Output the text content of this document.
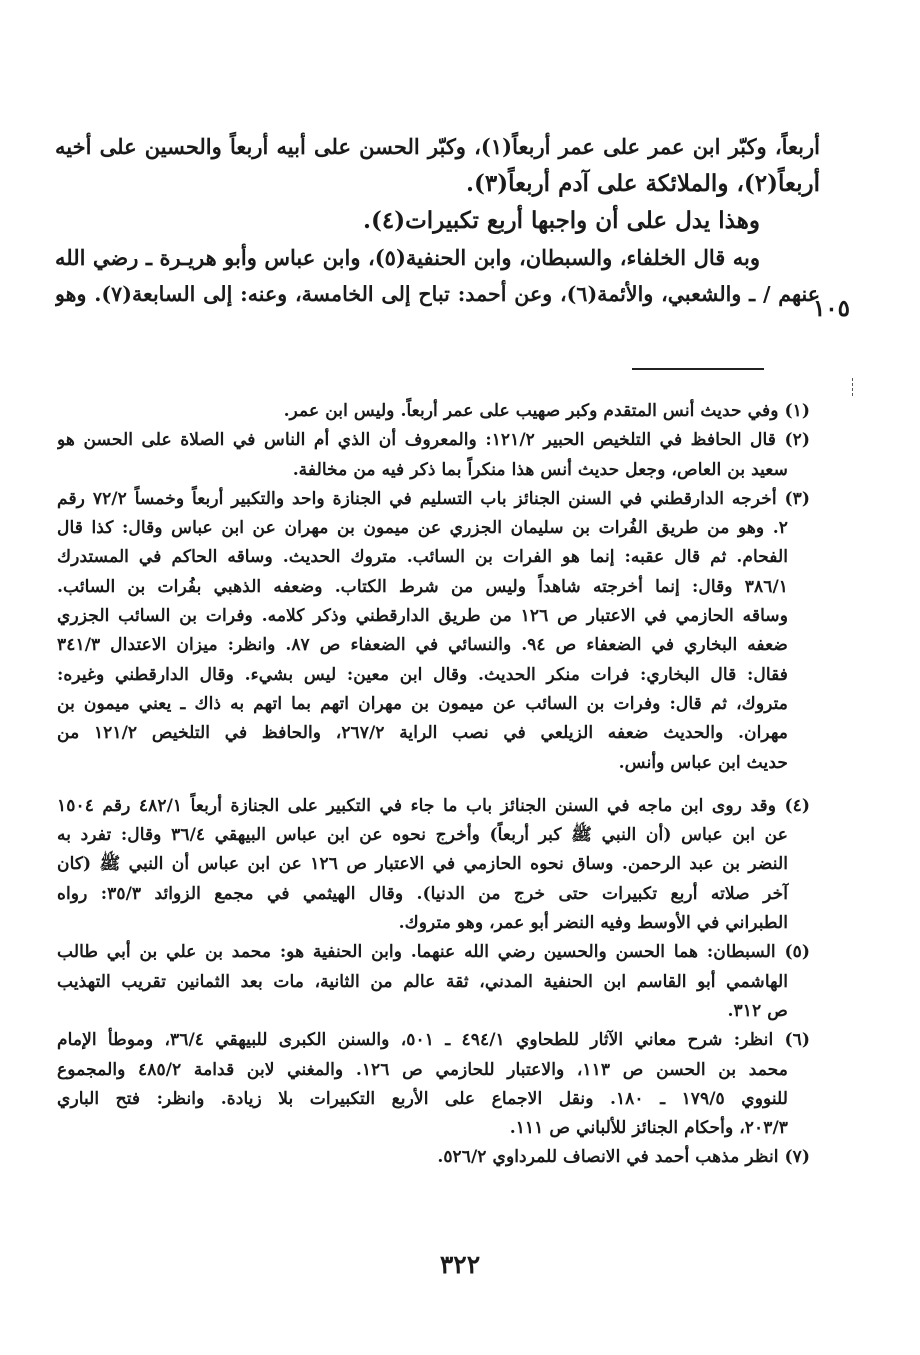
أربعاً، وكبّر ابن عمر على عمر أربعاً(١)، وكبّر الحسن على أبيه أربعاً والحسين على أخيه
أربعاً(٢)، والملائكة على آدم أربعاً(٣).
وهذا يدل على أن واجبها أربع تكبيرات(٤).
وبه قال الخلفاء، والسبطان، وابن الحنفية(٥)، وابن عباس وأبو هريـرة ـ رضي الله
عنهم / ـ والشعبي، والأئمة(٦)، وعن أحمد: تباح إلى الخامسة، وعنه: إلى السابعة(٧). وهو
١٠٥
(١) وفي حديث أنس المتقدم وكبر صهيب على عمر أربعاً. وليس ابن عمر.
(٢) قال الحافظ في التلخيص الحبير ١٢١/٢: والمعروف أن الذي أم الناس في الصلاة على الحسن هو
سعيد بن العاص، وجعل حديث أنس هذا منكراً بما ذكر فيه من مخالفة.
(٣) أخرجه الدارقطني في السنن الجنائز باب التسليم في الجنازة واحد والتكبير أربعاً وخمساً ٧٢/٢ رقم
٢. وهو من طريق الفُرات بن سليمان الجزري عن ميمون بن مهران عن ابن عباس وقال: كذا قال
الفحام. ثم قال عقبه: إنما هو الفرات بن السائب. متروك الحديث. وساقه الحاكم في المستدرك
٣٨٦/١ وقال: إنما أخرجته شاهداً وليس من شرط الكتاب. وضعفه الذهبي بفُرات بن السائب.
وساقه الحازمي في الاعتبار ص ١٢٦ من طريق الدارقطني وذكر كلامه. وفرات بن السائب الجزري
ضعفه البخاري في الضعفاء ص ٩٤. والنسائي في الضعفاء ص ٨٧. وانظر: ميزان الاعتدال ٣٤١/٣
فقال: قال البخاري: فرات منكر الحديث. وقال ابن معين: ليس بشيء. وقال الدارقطني وغيره:
متروك، ثم قال: وفرات بن السائب عن ميمون بن مهران اتهم بما اتهم به ذاك ـ يعني ميمون بن
مهران. والحديث ضعفه الزيلعي في نصب الراية ٢٦٧/٢، والحافظ في التلخيص ١٢١/٢ من
حديث ابن عباس وأنس.
(٤) وقد روى ابن ماجه في السنن الجنائز باب ما جاء في التكبير على الجنازة أربعاً ٤٨٢/١ رقم ١٥٠٤
عن ابن عباس (أن النبي ﷺ كبر أربعاً) وأخرج نحوه عن ابن عباس البيهقي ٣٦/٤ وقال: تفرد به
النضر بن عبد الرحمن. وساق نحوه الحازمي في الاعتبار ص ١٢٦ عن ابن عباس أن النبي ﷺ (كان
آخر صلاته أربع تكبيرات حتى خرج من الدنيا). وقال الهيثمي في مجمع الزوائد ٣٥/٣: رواه
الطبراني في الأوسط وفيه النضر أبو عمر، وهو متروك.
(٥) السبطان: هما الحسن والحسين رضي الله عنهما. وابن الحنفية هو: محمد بن علي بن أبي طالب
الهاشمي أبو القاسم ابن الحنفية المدني، ثقة عالم من الثانية، مات بعد الثمانين تقريب التهذيب
ص ٣١٢.
(٦) انظر: شرح معاني الآثار للطحاوي ٤٩٤/١ ـ ٥٠١، والسنن الكبرى للبيهقي ٣٦/٤، وموطأ الإمام
محمد بن الحسن ص ١١٣، والاعتبار للحازمي ص ١٢٦. والمغني لابن قدامة ٤٨٥/٢ والمجموع
للنووي ١٧٩/٥ ـ ١٨٠. ونقل الاجماع على الأربع التكبيرات بلا زيادة. وانظر: فتح الباري
٢٠٣/٣، وأحكام الجنائز للألباني ص ١١١.
(٧) انظر مذهب أحمد في الانصاف للمرداوي ٥٢٦/٢.
٣٢٢
